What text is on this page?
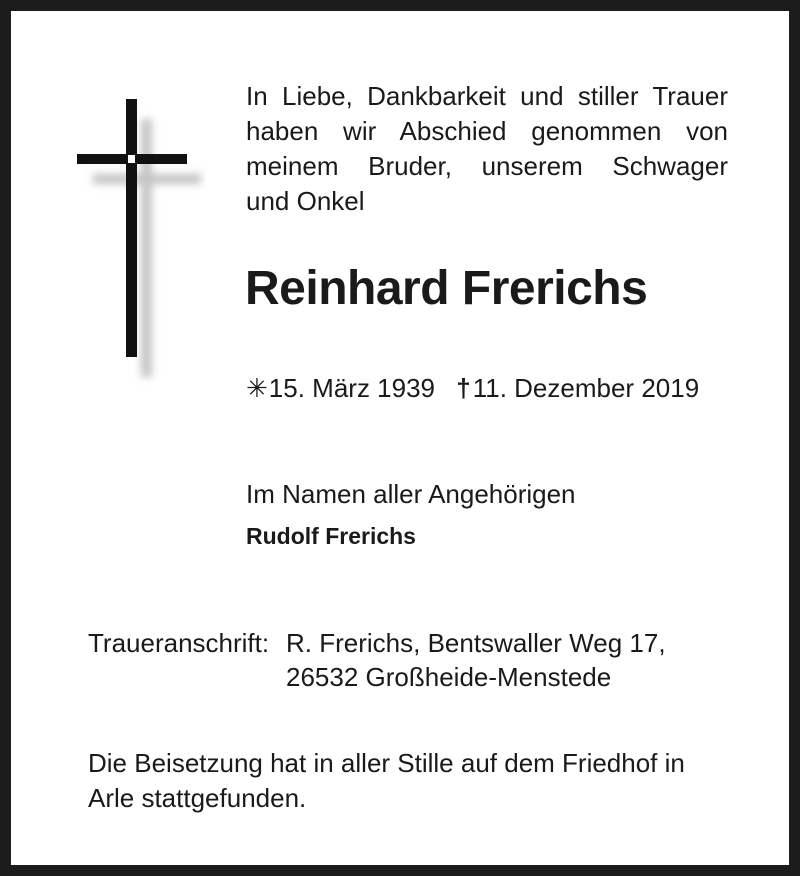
In Liebe, Dankbarkeit und stiller Trauer
haben wir Abschied genommen von
meinem Bruder, unserem Schwager
und Onkel
Reinhard Frerichs
✳15. März 1939 †11. Dezember 2019
Im Namen aller Angehörigen
Rudolf Frerichs
Traueranschrift: R. Frerichs, Bentswaller Weg 17,
26532 Großheide-Menstede
Die Beisetzung hat in aller Stille auf dem Friedhof in
Arle stattgefunden.
